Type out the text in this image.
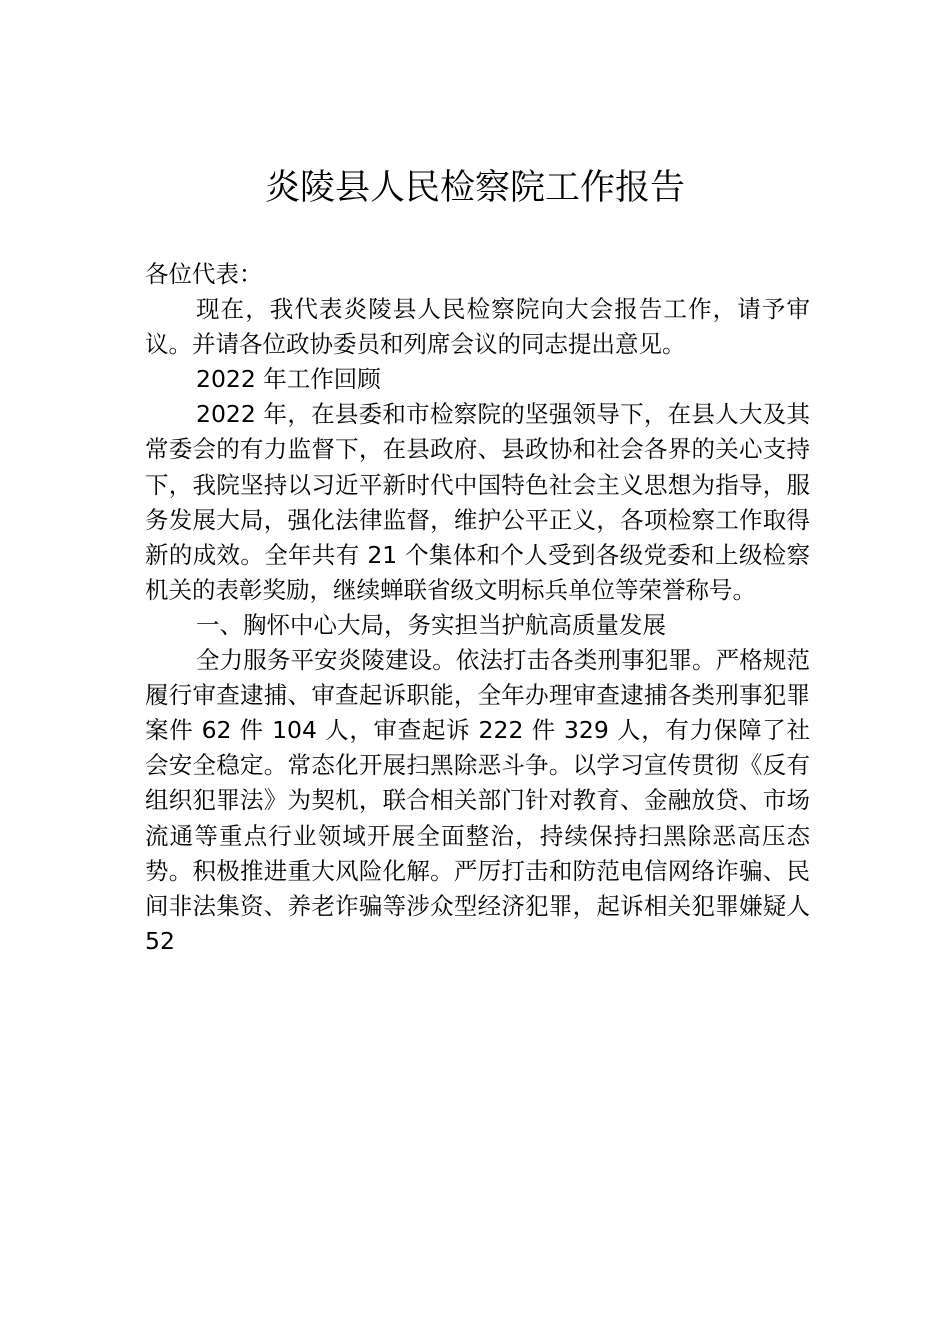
炎陵县人民检察院工作报告

各位代表：

现在，我代表炎陵县人民检察院向大会报告工作，请予审议。并请各位政协委员和列席会议的同志提出意见。

2022 年工作回顾

2022 年，在县委和市检察院的坚强领导下，在县人大及其常委会的有力监督下，在县政府、县政协和社会各界的关心支持下，我院坚持以习近平新时代中国特色社会主义思想为指导，服务发展大局，强化法律监督，维护公平正义，各项检察工作取得新的成效。全年共有 21 个集体和个人受到各级党委和上级检察机关的表彰奖励，继续蝉联省级文明标兵单位等荣誉称号。

一、胸怀中心大局，务实担当护航高质量发展

全力服务平安炎陵建设。依法打击各类刑事犯罪。严格规范履行审查逮捕、审查起诉职能，全年办理审查逮捕各类刑事犯罪案件 62 件 104 人，审查起诉 222 件 329 人，有力保障了社会安全稳定。常态化开展扫黑除恶斗争。以学习宣传贯彻《反有组织犯罪法》为契机，联合相关部门针对教育、金融放贷、市场流通等重点行业领域开展全面整治，持续保持扫黑除恶高压态势。积极推进重大风险化解。严厉打击和防范电信网络诈骗、民间非法集资、养老诈骗等涉众型经济犯罪，起诉相关犯罪嫌疑人 52
